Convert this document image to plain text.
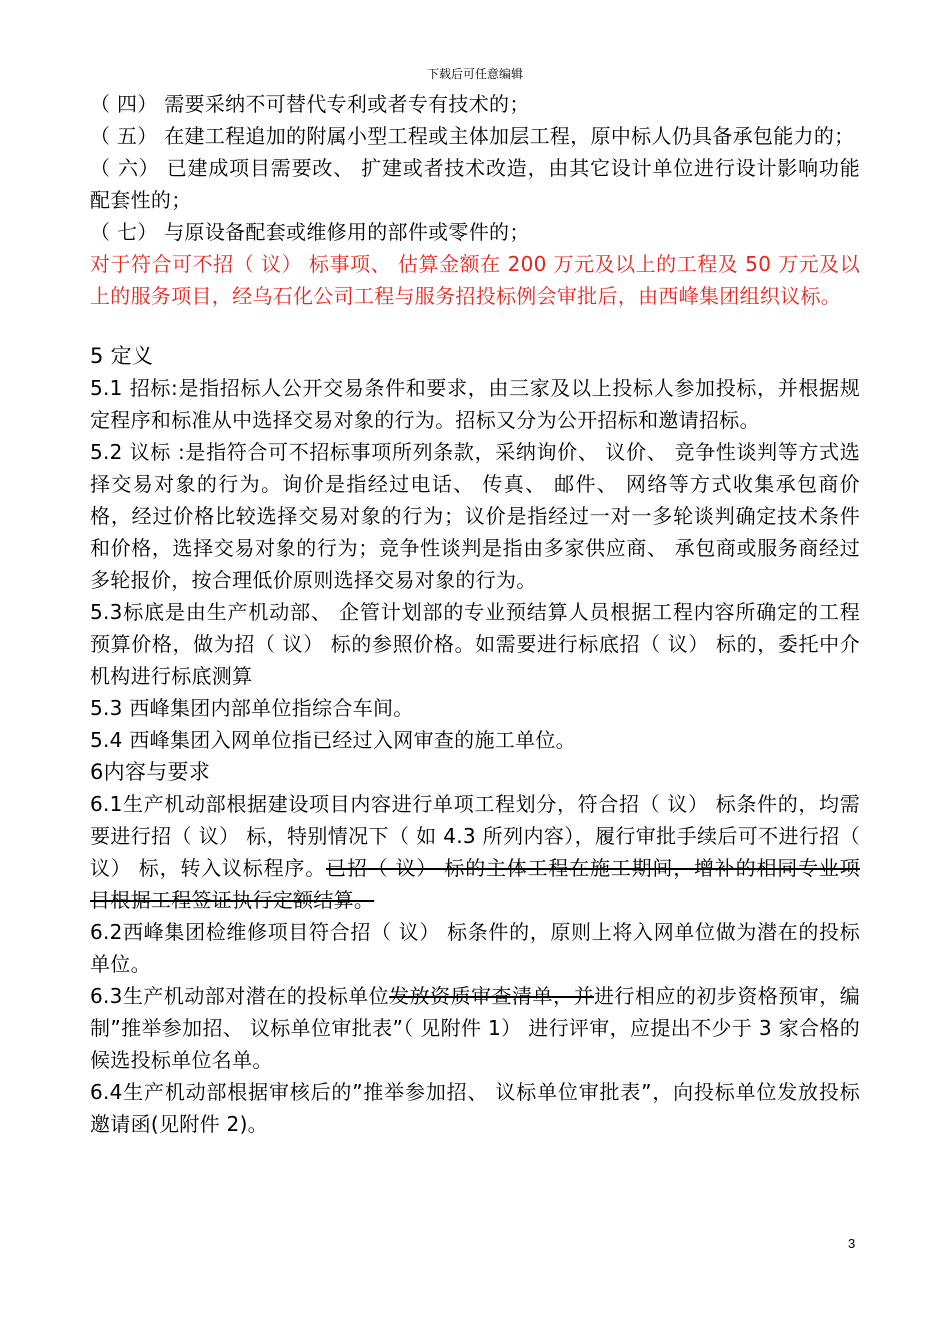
下载后可任意编辑

（ 四） 需要采纳不可替代专利或者专有技术的；

（ 五） 在建工程追加的附属小型工程或主体加层工程，原中标人仍具备承包能力的；

（ 六） 已建成项目需要改、 扩建或者技术改造，由其它设计单位进行设计影响功能配套性的；

（ 七） 与原设备配套或维修用的部件或零件的；

对于符合可不招（ 议） 标事项、 估算金额在 200 万元及以上的工程及 50 万元及以上的服务项目，经乌石化公司工程与服务招投标例会审批后，由西峰集团组织议标。

5 定义

5.1 招标:是指招标人公开交易条件和要求，由三家及以上投标人参加投标，并根据规定程序和标准从中选择交易对象的行为。招标又分为公开招标和邀请招标。

5.2 议标 :是指符合可不招标事项所列条款，采纳询价、 议价、 竞争性谈判等方式选择交易对象的行为。询价是指经过电话、 传真、 邮件、 网络等方式收集承包商价格，经过价格比较选择交易对象的行为；议价是指经过一对一多轮谈判确定技术条件和价格，选择交易对象的行为；竞争性谈判是指由多家供应商、 承包商或服务商经过多轮报价，按合理低价原则选择交易对象的行为。

5.3标底是由生产机动部、 企管计划部的专业预结算人员根据工程内容所确定的工程预算价格，做为招（ 议） 标的参照价格。如需要进行标底招（ 议） 标的，委托中介机构进行标底测算

5.3 西峰集团内部单位指综合车间。

5.4 西峰集团入网单位指已经过入网审查的施工单位。

6内容与要求

6.1生产机动部根据建设项目内容进行单项工程划分，符合招（ 议） 标条件的，均需要进行招（ 议） 标，特别情况下（ 如 4.3 所列内容），履行审批手续后可不进行招（ 议） 标，转入议标程序。已招（ 议） 标的主体工程在施工期间，增补的相同专业项目根据工程签证执行定额结算。

6.2西峰集团检维修项目符合招（ 议） 标条件的，原则上将入网单位做为潜在的投标单位。

6.3生产机动部对潜在的投标单位发放资质审查清单，并进行相应的初步资格预审，编制”推举参加招、 议标单位审批表”（ 见附件 1） 进行评审，应提出不少于 3 家合格的候选投标单位名单。

6.4生产机动部根据审核后的”推举参加招、 议标单位审批表”，向投标单位发放投标邀请函(见附件 2)。

3
